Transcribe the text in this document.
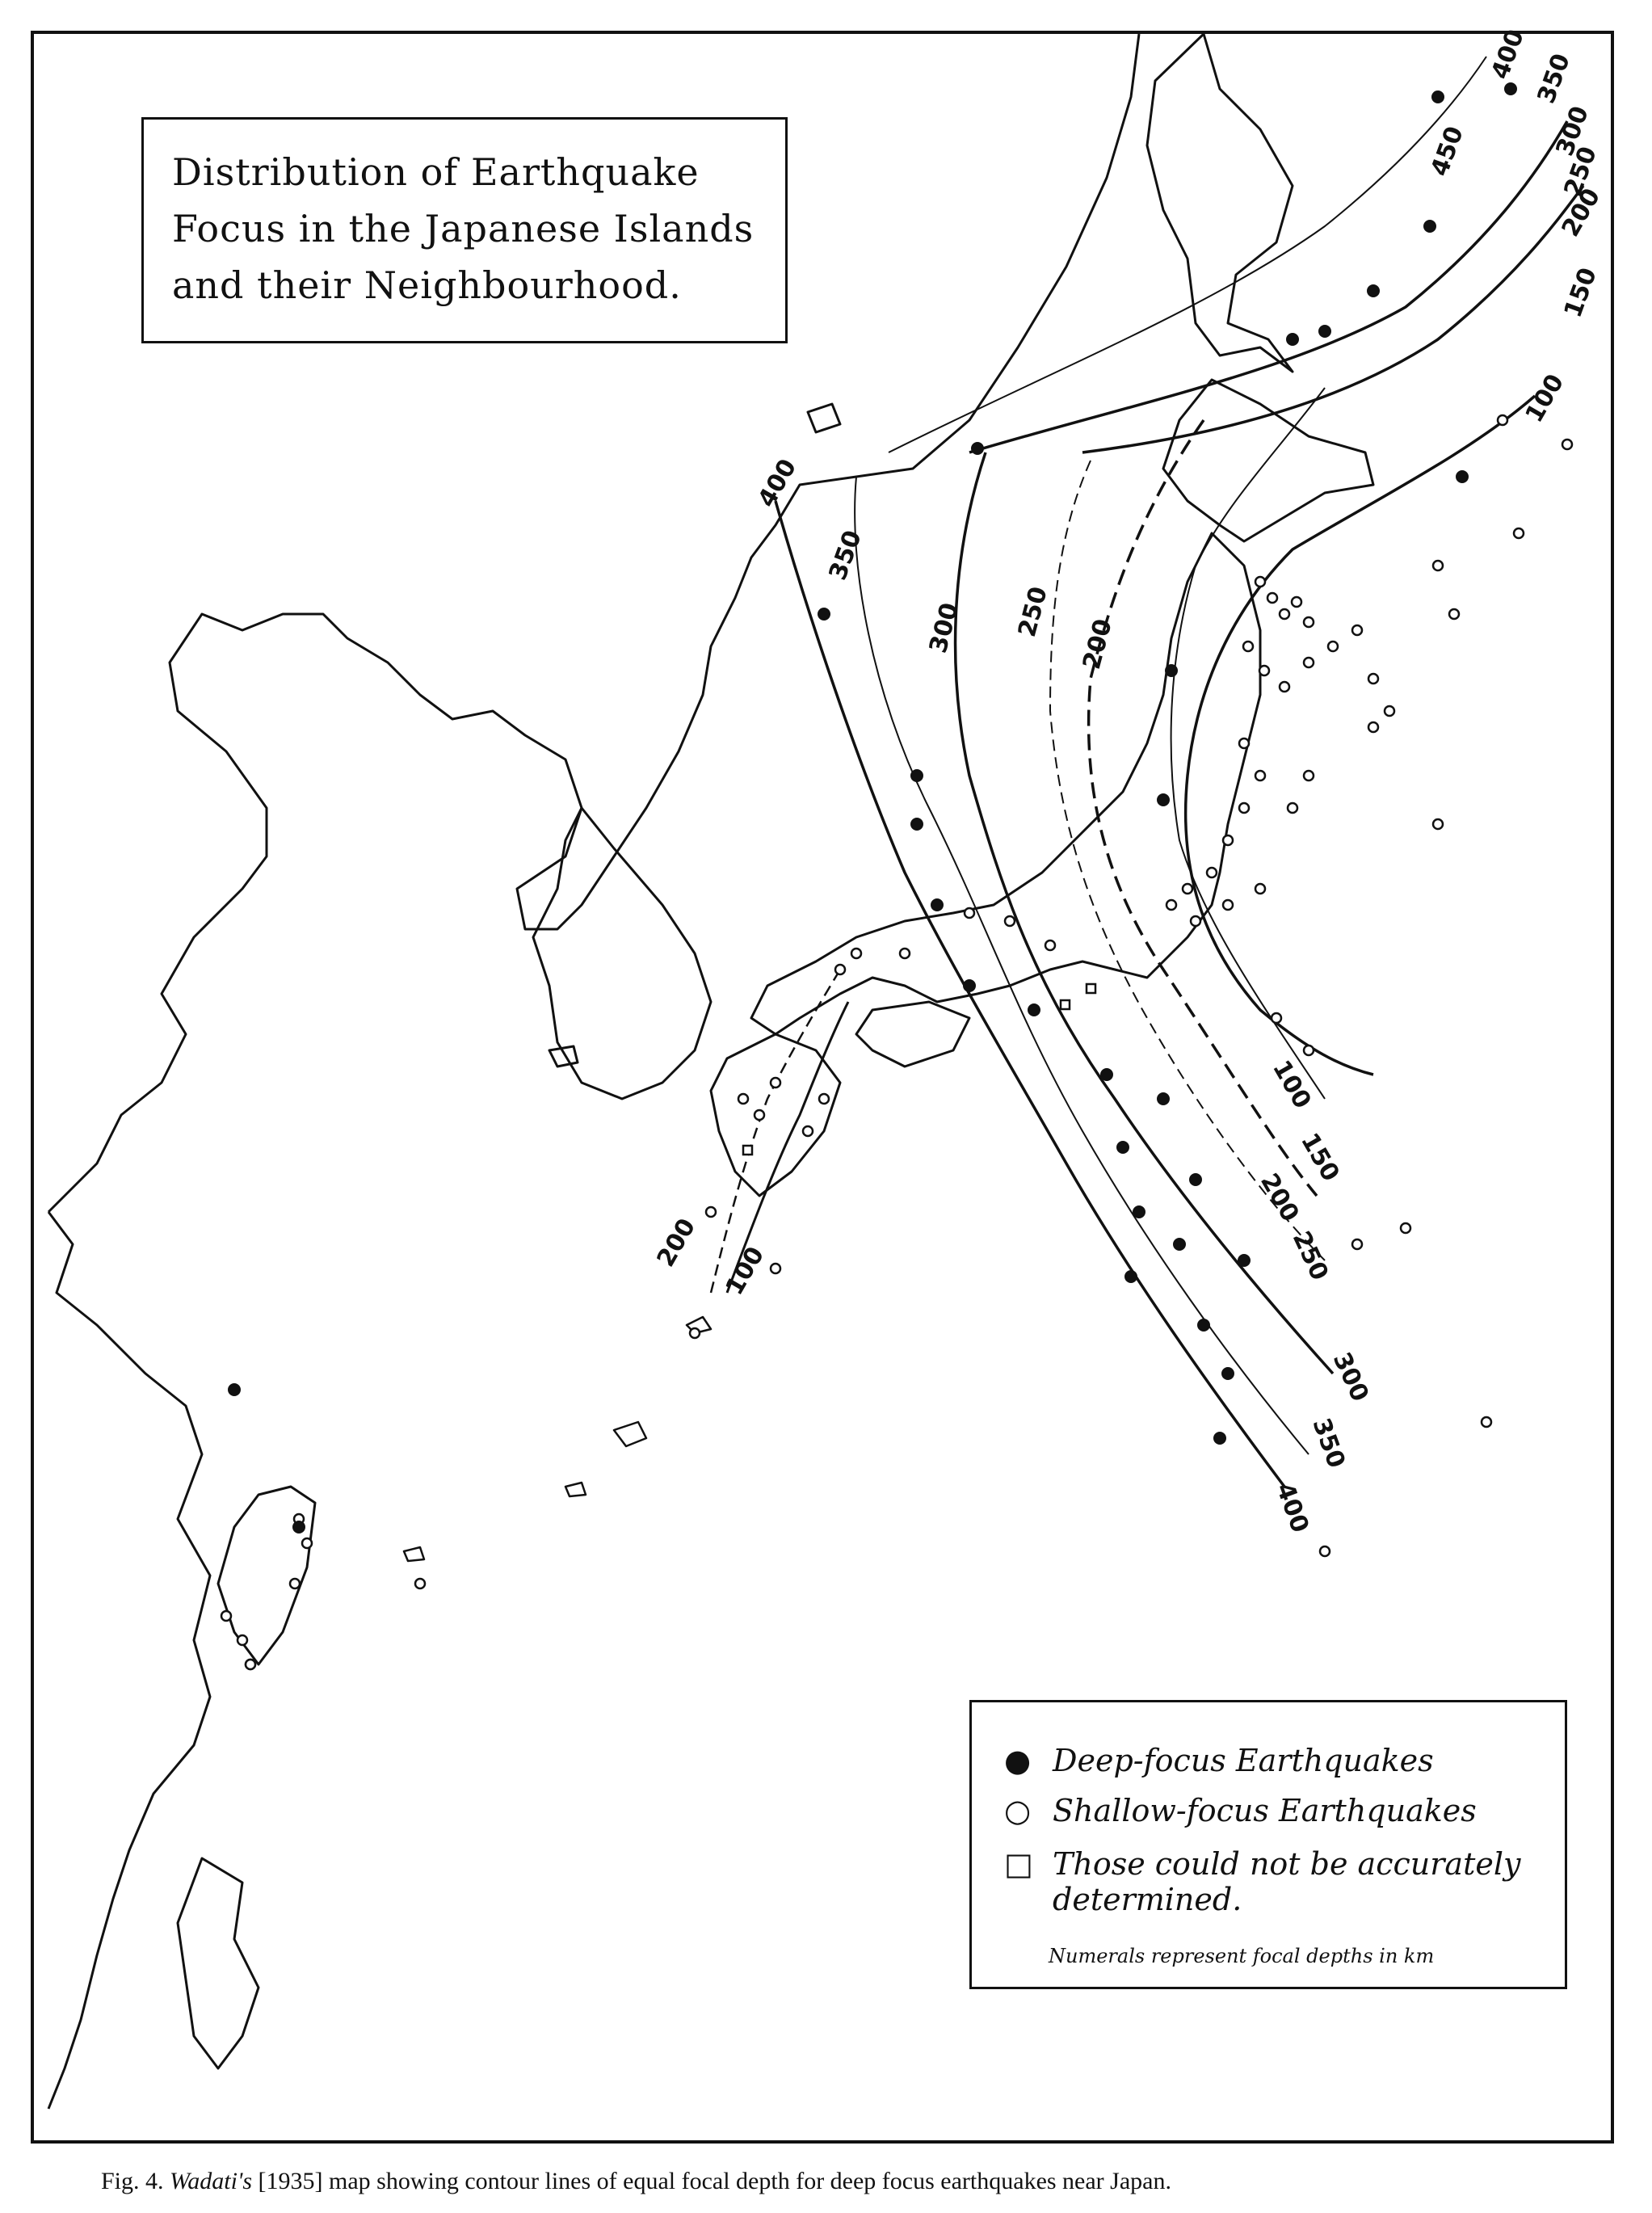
400
350
300 250
200
150
100
400 350
300
250
200
450
100
150
200
250
300
350
400
200 100
Distribution of Earthquake
Focus in the Japanese Islands
and their Neighbourhood.
● Deep-focus Earthquakes
○ Shallow-focus Earthquakes
□ Those could not be accurately
determined.
Numerals represent focal depths in km
Fig. 4. Wadati's [1935] map showing contour lines of equal focal depth for deep focus earthquakes near Japan.
